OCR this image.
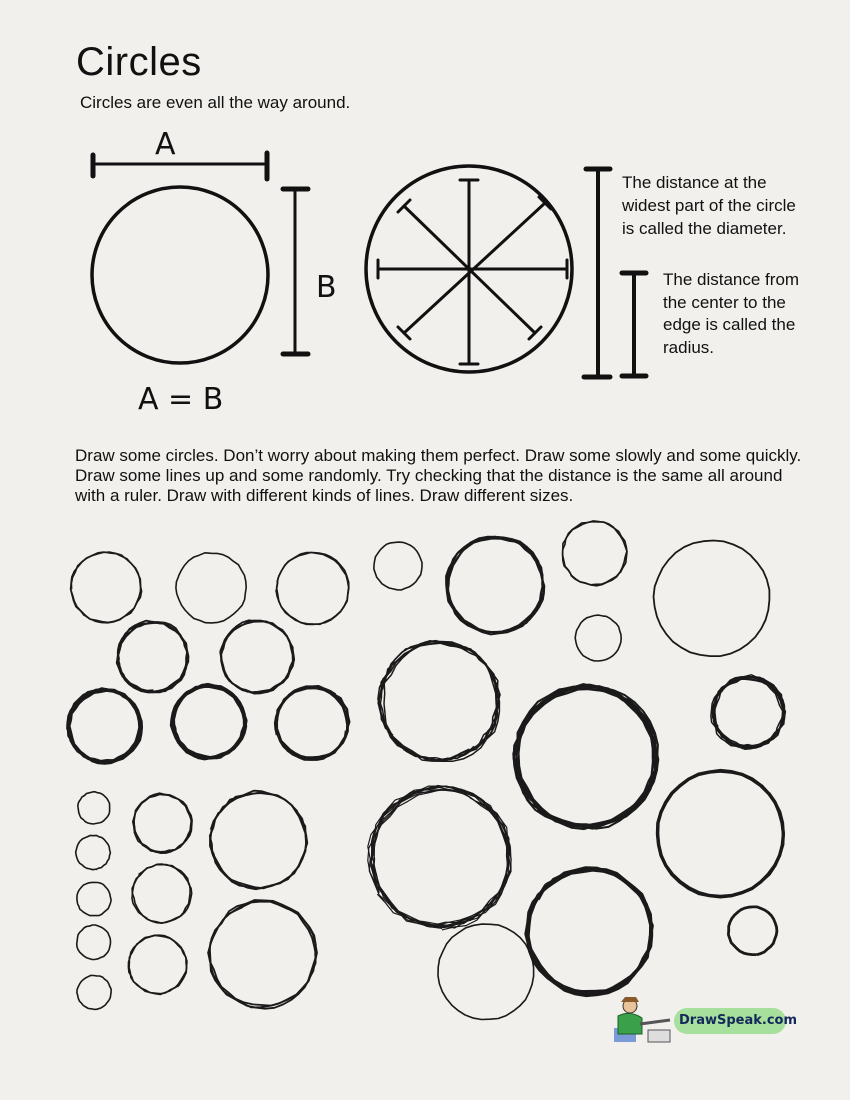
Circles

Circles are even all the way around.

A
B
A = B

The distance at the widest part of the circle is called the diameter.

The distance from the center to the edge is called the radius.

Draw some circles. Don’t worry about making them perfect. Draw some slowly and some quickly. Draw some lines up and some randomly. Try checking that the distance is the same all around with a ruler. Draw with different kinds of lines. Draw different sizes.

DrawSpeak.com
